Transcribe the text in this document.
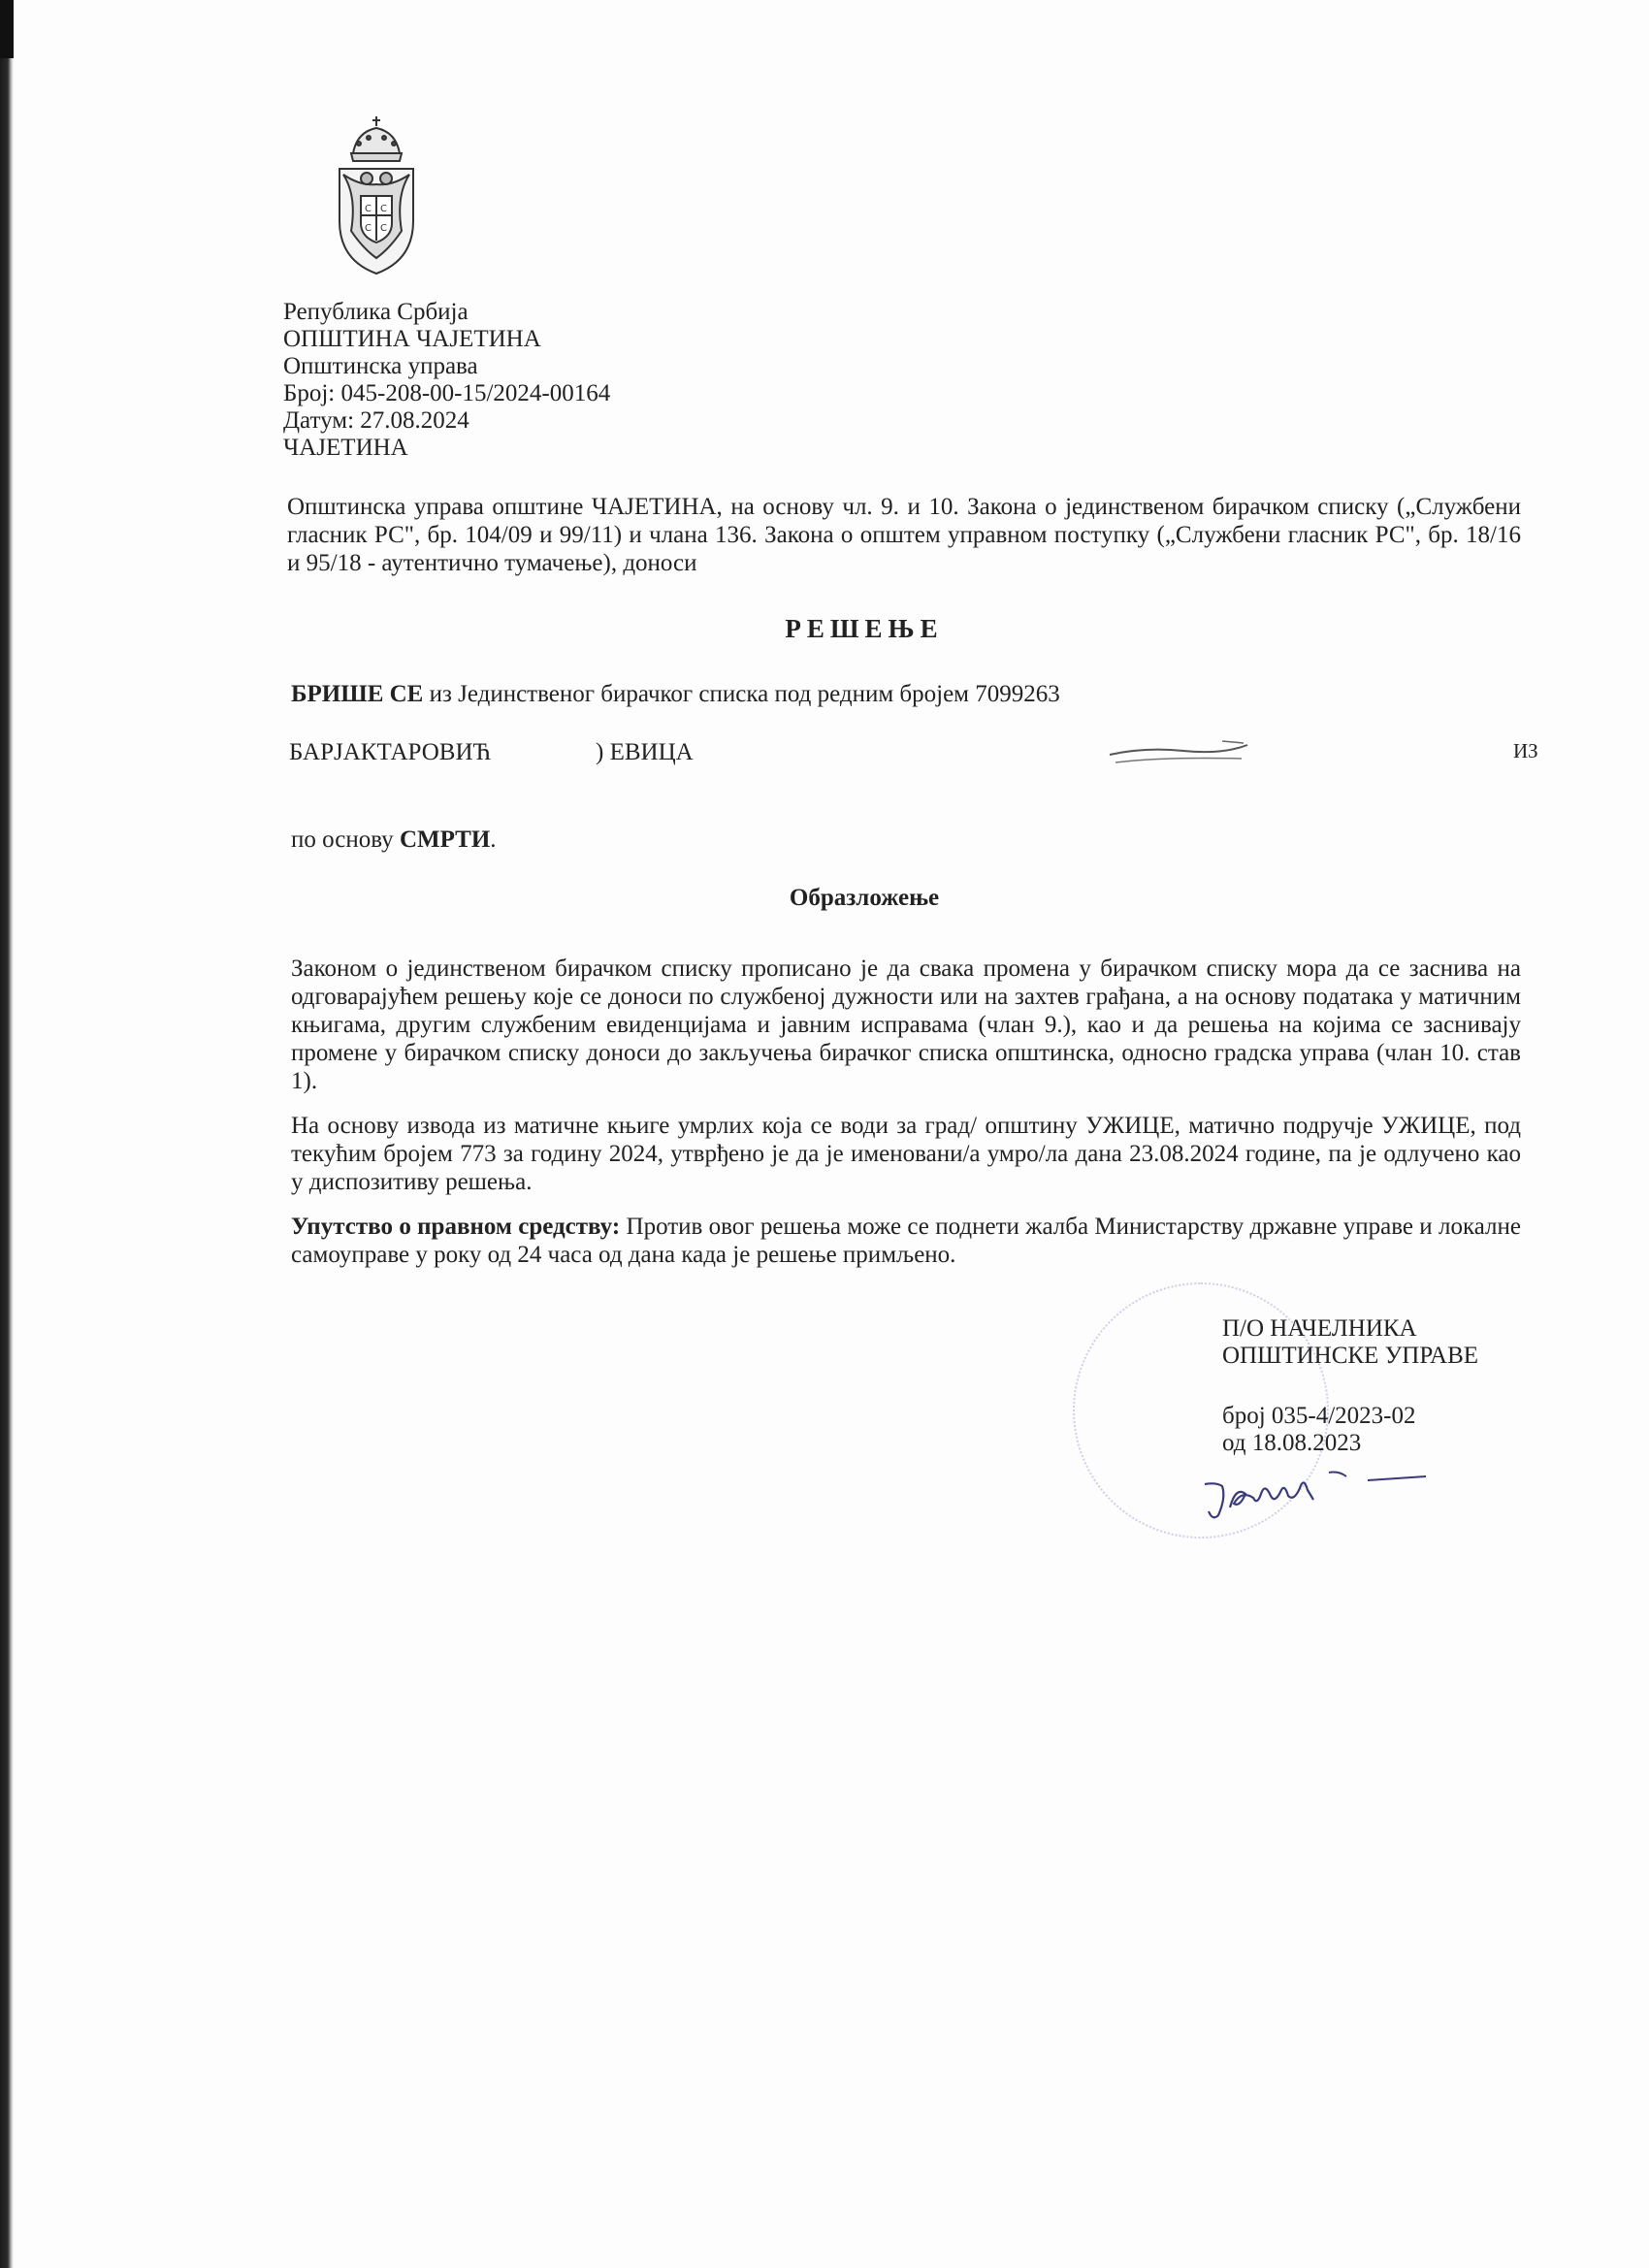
С С
С С
Република Србија
ОПШТИНА ЧАЈЕТИНА
Општинска управа
Број: 045-208-00-15/2024-00164
Датум: 27.08.2024
ЧАЈЕТИНА
Општинска управа општине ЧАЈЕТИНА, на основу чл. 9. и 10. Закона о јединственом бирачком списку („Службени гласник РС", бр. 104/09 и 99/11) и члана 136. Закона о општем управном поступку („Службени гласник РС", бр. 18/16 и 95/18 - аутентично тумачење), доноси
РЕШЕЊЕ
БРИШЕ СЕ из Јединственог бирачког списка под редним бројем 7099263
БАРЈАКТАРОВИЋ	) ЕВИЦА	ИЗ
по основу СМРТИ.
Образложење
Законом о јединственом бирачком списку прописано је да свака промена у бирачком списку мора да се заснива на одговарајућем решењу које се доноси по службеној дужности или на захтев грађана, а на основу података у матичним књигама, другим службеним евиденцијама и јавним исправама (члан 9.), као и да решења на којима се заснивају промене у бирачком списку доноси до закључења бирачког списка општинска, односно градска управа (члан 10. став 1).
На основу извода из матичне књиге умрлих која се води за град/ општину УЖИЦЕ, матично подручје УЖИЦЕ, под текућим бројем 773 за годину 2024, утврђено је да је именовани/а умро/ла дана 23.08.2024 године, па је одлучено као у диспозитиву решења.
Упутство о правном средству: Против овог решења може се поднети жалба Министарству државне управе и локалне самоуправе у року од 24 часа од дана када је решење примљено.
П/О НАЧЕЛНИКА
ОПШТИНСКЕ УПРАВЕ
број 035-4/2023-02
од 18.08.2023
